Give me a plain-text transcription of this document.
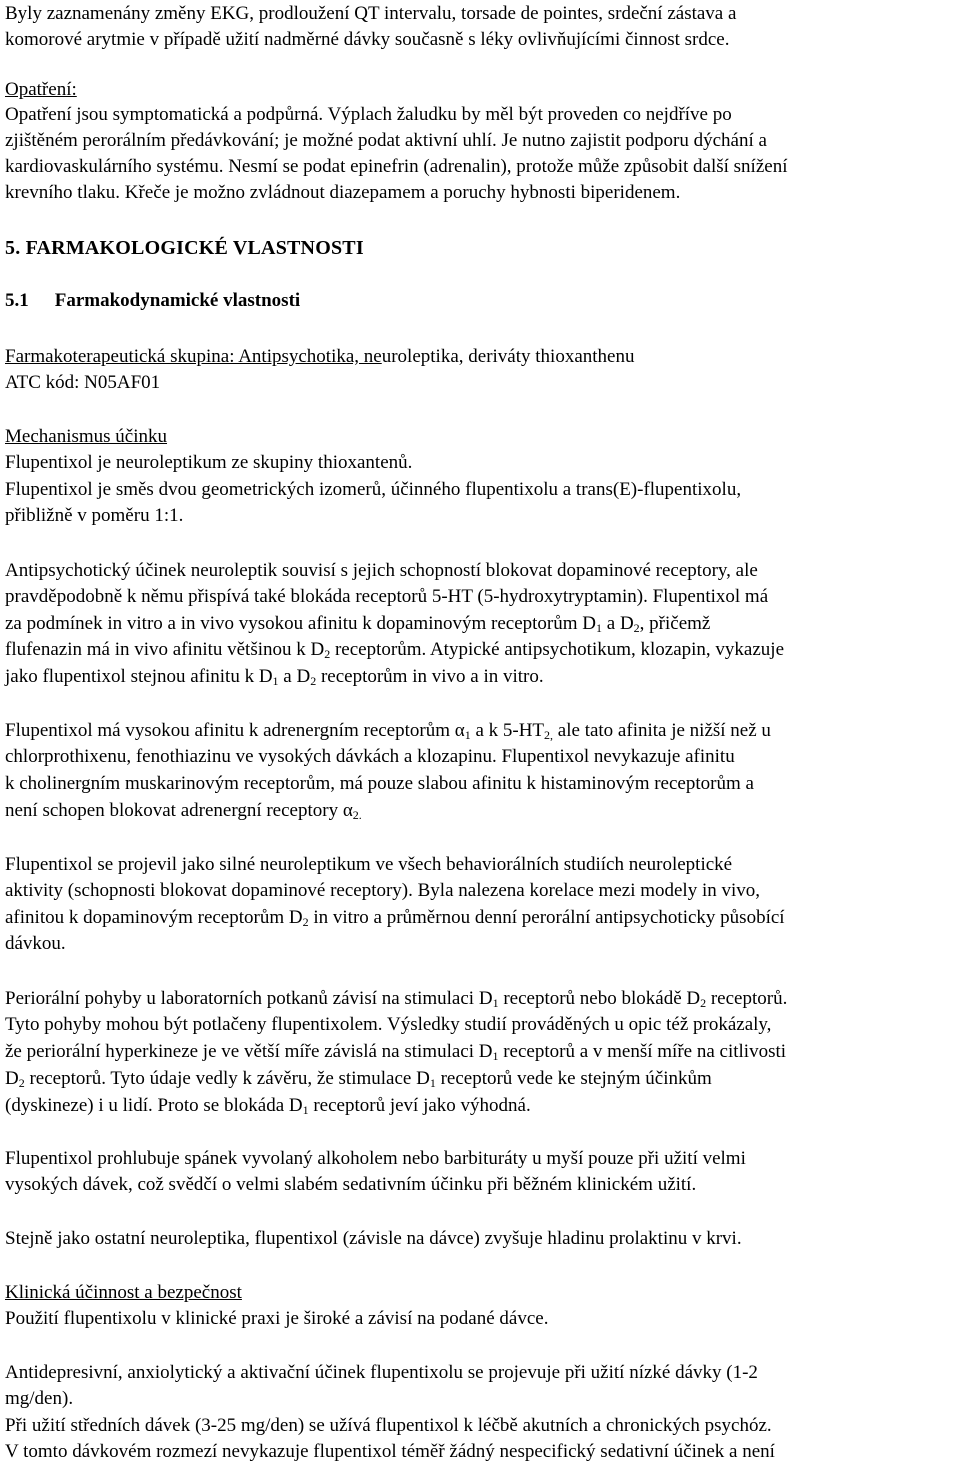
Byly zaznamenány změny EKG, prodloužení QT intervalu, torsade de pointes, srdeční zástava a
komorové arytmie v případě užití nadměrné dávky současně s léky ovlivňujícími činnost srdce.
Opatření:
Opatření jsou symptomatická a podpůrná. Výplach žaludku by měl být proveden co nejdříve po
zjištěném perorálním předávkování; je možné podat aktivní uhlí. Je nutno zajistit podporu dýchání a
kardiovaskulárního systému. Nesmí se podat epinefrin (adrenalin), protože může způsobit další snížení
krevního tlaku. Křeče je možno zvládnout diazepamem a poruchy hybnosti biperidenem.
5. FARMAKOLOGICKÉ VLASTNOSTI
5.1 Farmakodynamické vlastnosti
Farmakoterapeutická skupina: Antipsychotika, neuroleptika, deriváty thioxanthenu
ATC kód: N05AF01
Mechanismus účinku
Flupentixol je neuroleptikum ze skupiny thioxantenů.
Flupentixol je směs dvou geometrických izomerů, účinného flupentixolu a trans(E)-flupentixolu,
přibližně v poměru 1:1.
Antipsychotický účinek neuroleptik souvisí s jejich schopností blokovat dopaminové receptory, ale
pravděpodobně k němu přispívá také blokáda receptorů 5-HT (5-hydroxytryptamin). Flupentixol má
za podmínek in vitro a in vivo vysokou afinitu k dopaminovým receptorům $D_1$ a $D_2$, přičemž
flufenazin má in vivo afinitu většinou k $D_2$ receptorům. Atypické antipsychotikum, klozapin, vykazuje
jako flupentixol stejnou afinitu k $D_1$ a $D_2$ receptorům in vivo a in vitro.
Flupentixol má vysokou afinitu k adrenergním receptorům $\alpha_1$ a k $5-HT_{2,}$ ale tato afinita je nižší než u
chlorprothixenu, fenothiazinu ve vysokých dávkách a klozapinu. Flupentixol nevykazuje afinitu
k cholinergním muskarinovým receptorům, má pouze slabou afinitu k histaminovým receptorům a
není schopen blokovat adrenergní receptory $\alpha_{2.}$
Flupentixol se projevil jako silné neuroleptikum ve všech behaviorálních studiích neuroleptické
aktivity (schopnosti blokovat dopaminové receptory). Byla nalezena korelace mezi modely in vivo,
afinitou k dopaminovým receptorům $D_2$ in vitro a průměrnou denní perorální antipsychoticky působící
dávkou.
Periorální pohyby u laboratorních potkanů závisí na stimulaci $D_1$ receptorů nebo blokádě $D_2$ receptorů.
Tyto pohyby mohou být potlačeny flupentixolem. Výsledky studií prováděných u opic též prokázaly,
že periorální hyperkineze je ve větší míře závislá na stimulaci $D_1$ receptorů a v menší míře na citlivosti
$D_2$ receptorů. Tyto údaje vedly k závěru, že stimulace $D_1$ receptorů vede ke stejným účinkům
(dyskineze) i u lidí. Proto se blokáda $D_1$ receptorů jeví jako výhodná.
Flupentixol prohlubuje spánek vyvolaný alkoholem nebo barbituráty u myší pouze při užití velmi
vysokých dávek, což svědčí o velmi slabém sedativním účinku při běžném klinickém užití.
Stejně jako ostatní neuroleptika, flupentixol (závisle na dávce) zvyšuje hladinu prolaktinu v krvi.
Klinická účinnost a bezpečnost
Použití flupentixolu v klinické praxi je široké a závisí na podané dávce.
Antidepresivní, anxiolytický a aktivační účinek flupentixolu se projevuje při užití nízké dávky (1-2
mg/den).
Při užití středních dávek (3-25 mg/den) se užívá flupentixol k léčbě akutních a chronických psychóz.
V tomto dávkovém rozmezí nevykazuje flupentixol téměř žádný nespecifický sedativní účinek a není
